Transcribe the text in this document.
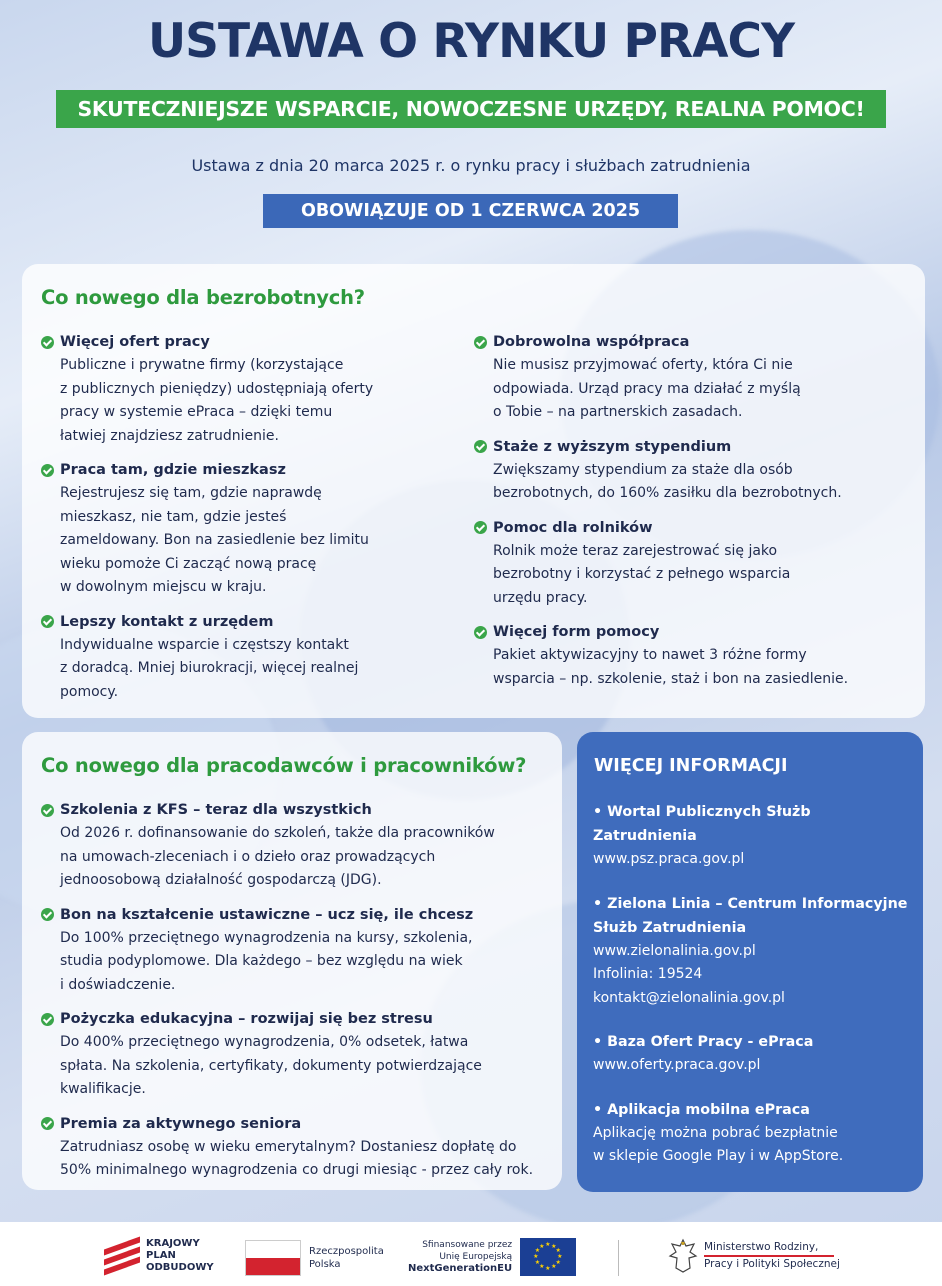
USTAWA O RYNKU PRACY
SKUTECZNIEJSZE WSPARCIE, NOWOCZESNE URZĘDY, REALNA POMOC!
Ustawa z dnia 20 marca 2025 r. o rynku pracy i służbach zatrudnienia
OBOWIĄZUJE OD 1 CZERWCA 2025
Co nowego dla bezrobotnych?
Więcej ofert pracy
Publiczne i prywatne firmy (korzystające
z publicznych pieniędzy) udostępniają oferty
pracy w systemie ePraca – dzięki temu
łatwiej znajdziesz zatrudnienie.
Praca tam, gdzie mieszkasz
Rejestrujesz się tam, gdzie naprawdę
mieszkasz, nie tam, gdzie jesteś
zameldowany. Bon na zasiedlenie bez limitu
wieku pomoże Ci zacząć nową pracę
w dowolnym miejscu w kraju.
Lepszy kontakt z urzędem
Indywidualne wsparcie i częstszy kontakt
z doradcą. Mniej biurokracji, więcej realnej
pomocy.
Dobrowolna współpraca
Nie musisz przyjmować oferty, która Ci nie
odpowiada. Urząd pracy ma działać z myślą
o Tobie – na partnerskich zasadach.
Staże z wyższym stypendium
Zwiększamy stypendium za staże dla osób
bezrobotnych, do 160% zasiłku dla bezrobotnych.
Pomoc dla rolników
Rolnik może teraz zarejestrować się jako
bezrobotny i korzystać z pełnego wsparcia
urzędu pracy.
Więcej form pomocy
Pakiet aktywizacyjny to nawet 3 różne formy
wsparcia – np. szkolenie, staż i bon na zasiedlenie.
Co nowego dla pracodawców i pracowników?
Szkolenia z KFS – teraz dla wszystkich
Od 2026 r. dofinansowanie do szkoleń, także dla pracowników
na umowach-zleceniach i o dzieło oraz prowadzących
jednoosobową działalność gospodarczą (JDG).
Bon na kształcenie ustawiczne – ucz się, ile chcesz
Do 100% przeciętnego wynagrodzenia na kursy, szkolenia,
studia podyplomowe. Dla każdego – bez względu na wiek
i doświadczenie.
Pożyczka edukacyjna – rozwijaj się bez stresu
Do 400% przeciętnego wynagrodzenia, 0% odsetek, łatwa
spłata. Na szkolenia, certyfikaty, dokumenty potwierdzające
kwalifikacje.
Premia za aktywnego seniora
Zatrudniasz osobę w wieku emerytalnym? Dostaniesz dopłatę do
50% minimalnego wynagrodzenia co drugi miesiąc - przez cały rok.
WIĘCEJ INFORMACJI
• Wortal Publicznych Służb Zatrudnienia
www.psz.praca.gov.pl
• Zielona Linia – Centrum Informacyjne Służb Zatrudnienia
www.zielonalinia.gov.pl
Infolinia: 19524
kontakt@zielonalinia.gov.pl
• Baza Ofert Pracy - ePraca
www.oferty.praca.gov.pl
• Aplikacja mobilna ePraca
Aplikację można pobrać bezpłatnie
w sklepie Google Play i w AppStore.
KRAJOWY
PLAN
ODBUDOWY
Rzeczpospolita
Polska
Sfinansowane przez
Unię Europejską
NextGenerationEU
★
★
★
★
★
★
★
★
★ ★ ★
★	Ministerstwo Rodziny,
Pracy i Polityki Społecznej
